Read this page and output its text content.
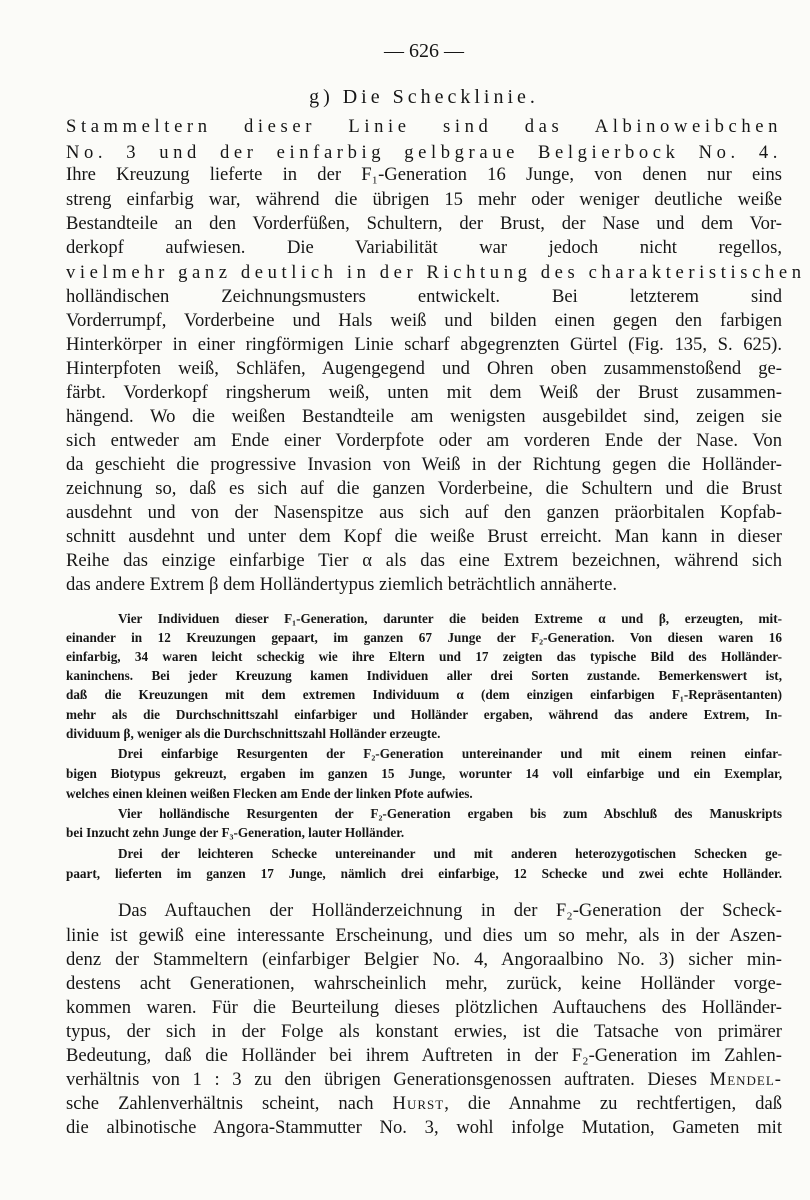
— 626 —
g) Die Schecklinie.
Stammeltern dieser Linie sind das Albinoweibchen
No. 3 und der einfarbig gelbgraue Belgierbock No. 4.
Ihre Kreuzung lieferte in der F₁-Generation 16 Junge, von denen nur eins
streng einfarbig war, während die übrigen 15 mehr oder weniger deutliche weiße
Bestandteile an den Vorderfüßen, Schultern, der Brust, der Nase und dem Vor-
derkopf aufwiesen. Die Variabilität war jedoch nicht regellos,
vielmehr ganz deutlich in der Richtung des charakteristischen
holländischen Zeichnungsmusters entwickelt. Bei letzterem sind
Vorderrumpf, Vorderbeine und Hals weiß und bilden einen gegen den farbigen
Hinterkörper in einer ringförmigen Linie scharf abgegrenzten Gürtel (Fig. 135, S. 625).
Hinterpfoten weiß, Schläfen, Augengegend und Ohren oben zusammenstoßend ge-
färbt. Vorderkopf ringsherum weiß, unten mit dem Weiß der Brust zusammen-
hängend. Wo die weißen Bestandteile am wenigsten ausgebildet sind, zeigen sie
sich entweder am Ende einer Vorderpfote oder am vorderen Ende der Nase. Von
da geschieht die progressive Invasion von Weiß in der Richtung gegen die Holländer-
zeichnung so, daß es sich auf die ganzen Vorderbeine, die Schultern und die Brust
ausdehnt und von der Nasenspitze aus sich auf den ganzen präorbitalen Kopfab-
schnitt ausdehnt und unter dem Kopf die weiße Brust erreicht. Man kann in dieser
Reihe das einzige einfarbige Tier α als das eine Extrem bezeichnen, während sich
das andere Extrem β dem Holländertypus ziemlich beträchtlich annäherte.
Vier Individuen dieser F₁-Generation, darunter die beiden Extreme α und β, erzeugten, mit-
einander in 12 Kreuzungen gepaart, im ganzen 67 Junge der F₂-Generation. Von diesen waren 16
einfarbig, 34 waren leicht scheckig wie ihre Eltern und 17 zeigten das typische Bild des Holländer-
kaninchens. Bei jeder Kreuzung kamen Individuen aller drei Sorten zustande. Bemerkenswert ist,
daß die Kreuzungen mit dem extremen Individuum α (dem einzigen einfarbigen F₁-Repräsentanten)
mehr als die Durchschnittszahl einfarbiger und Holländer ergaben, während das andere Extrem, In-
dividuum β, weniger als die Durchschnittszahl Holländer erzeugte.
Drei einfarbige Resurgenten der F₂-Generation untereinander und mit einem reinen einfar-
bigen Biotypus gekreuzt, ergaben im ganzen 15 Junge, worunter 14 voll einfarbige und ein Exemplar,
welches einen kleinen weißen Flecken am Ende der linken Pfote aufwies.
Vier holländische Resurgenten der F₂-Generation ergaben bis zum Abschluß des Manuskripts
bei Inzucht zehn Junge der F₃-Generation, lauter Holländer.
Drei der leichteren Schecke untereinander und mit anderen heterozygotischen Schecken ge-
paart, lieferten im ganzen 17 Junge, nämlich drei einfarbige, 12 Schecke und zwei echte Holländer.
Das Auftauchen der Holländerzeichnung in der F₂-Generation der Scheck-
linie ist gewiß eine interessante Erscheinung, und dies um so mehr, als in der Aszen-
denz der Stammeltern (einfarbiger Belgier No. 4, Angoraalbino No. 3) sicher min-
destens acht Generationen, wahrscheinlich mehr, zurück, keine Holländer vorge-
kommen waren. Für die Beurteilung dieses plötzlichen Auftauchens des Holländer-
typus, der sich in der Folge als konstant erwies, ist die Tatsache von primärer
Bedeutung, daß die Holländer bei ihrem Auftreten in der F₂-Generation im Zahlen-
verhältnis von 1 : 3 zu den übrigen Generationsgenossen auftraten. Dieses Mendel-
sche Zahlenverhältnis scheint, nach Hurst, die Annahme zu rechtfertigen, daß
die albinotische Angora-Stammutter No. 3, wohl infolge Mutation, Gameten mit
